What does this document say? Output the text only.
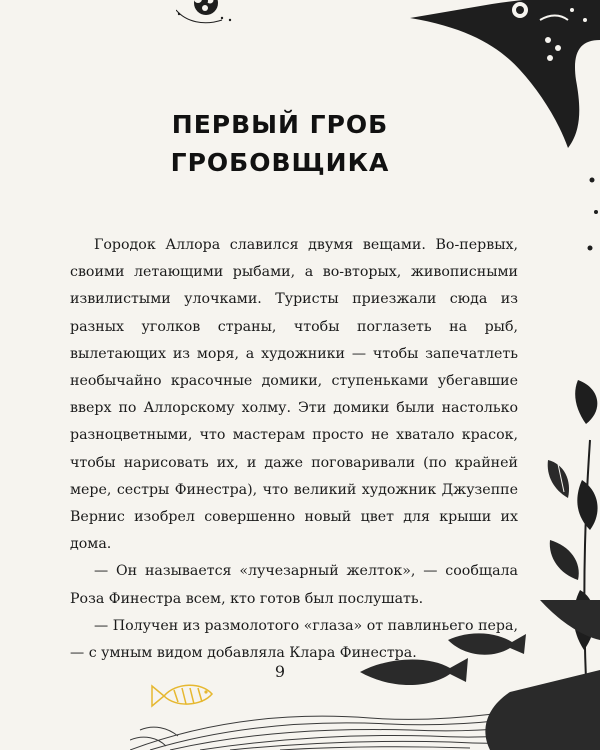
ПЕРВЫЙ ГРОБ
ГРОБОВЩИКА

Городок Аллора славился двумя вещами. Во-первых, своими летающими рыбами, а во-вторых, живописными извилистыми улочками. Туристы приезжали сюда из разных уголков страны, чтобы поглазеть на рыб, вылетающих из моря, а художники — чтобы запечатлеть необычайно красочные домики, ступеньками убегавшие вверх по Аллорскому холму. Эти домики были настолько разноцветными, что мастерам просто не хватало красок, чтобы нарисовать их, и даже поговаривали (по крайней мере, сестры Финестра), что великий художник Джузеппе Вернис изобрел совершенно новый цвет для крыши их дома.

— Он называется «лучезарный желток», — сообщала Роза Финестра всем, кто готов был послушать.

— Получен из размолотого «глаза» от павлиньего пера, — с умным видом добавляла Клара Финестра.

9
